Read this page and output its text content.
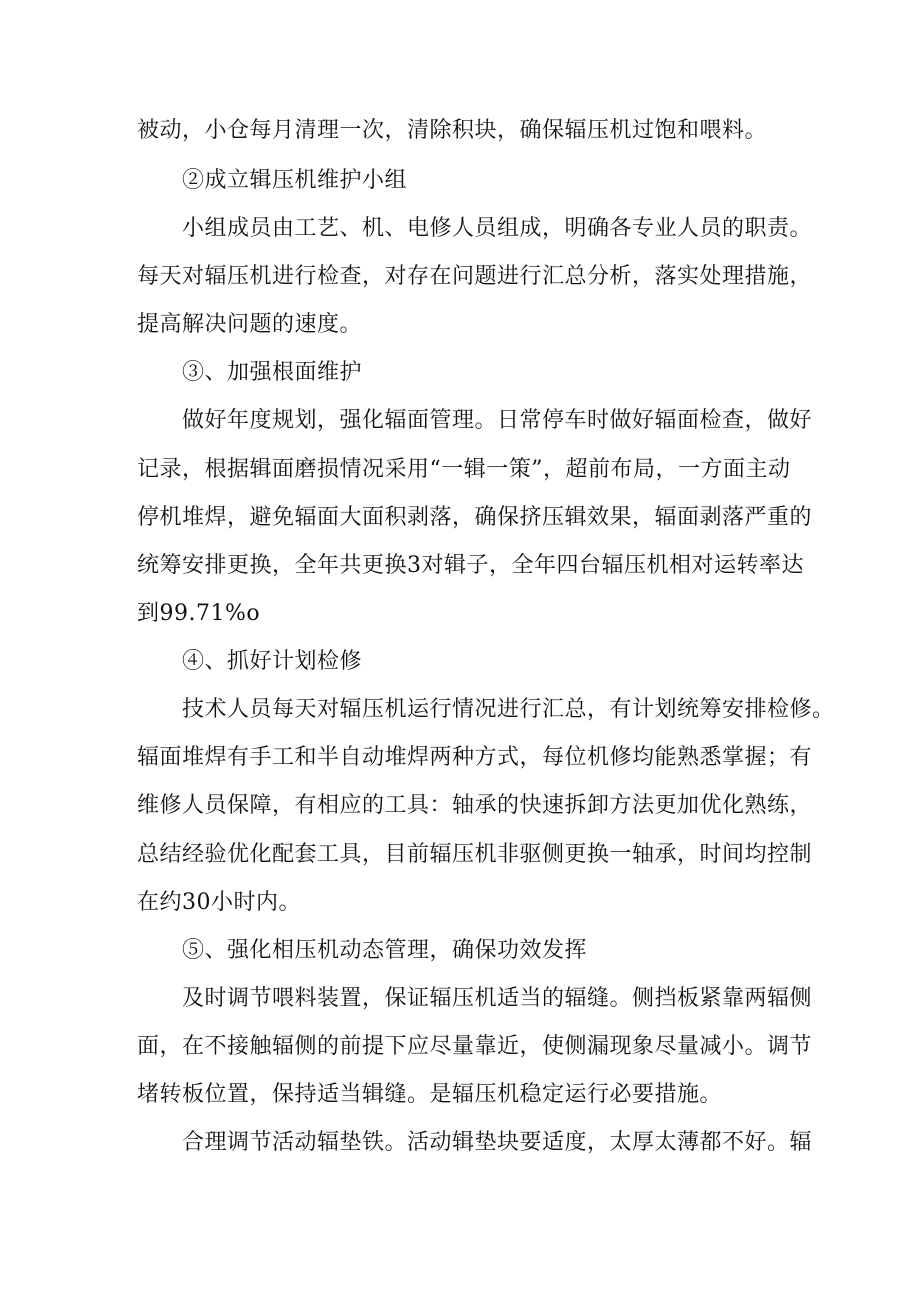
被动，小仓每月清理一次，清除积块，确保辐压机过饱和喂料。
②成立辑压机维护小组
小组成员由工艺、机、电修人员组成，明确各专业人员的职责。
每天对辐压机进行检查，对存在问题进行汇总分析，落实处理措施，
提高解决问题的速度。
③、加强根面维护
做好年度规划，强化辐面管理。日常停车时做好辐面检查，做好
记录，根据辑面磨损情况采用“一辑一策”，超前布局，一方面主动
停机堆焊，避免辐面大面积剥落，确保挤压辑效果，辐面剥落严重的
统筹安排更换，全年共更换3对辑子，全年四台辐压机相对运转率达
到99.71%o
④、抓好计划检修
技术人员每天对辐压机运行情况进行汇总，有计划统筹安排检修。
辐面堆焊有手工和半自动堆焊两种方式，每位机修均能熟悉掌握；有
维修人员保障，有相应的工具：轴承的快速拆卸方法更加优化熟练，
总结经验优化配套工具，目前辐压机非驱侧更换一轴承，时间均控制
在约30小时内。
⑤、强化相压机动态管理，确保功效发挥
及时调节喂料装置，保证辐压机适当的辐缝。侧挡板紧靠两辐侧
面，在不接触辐侧的前提下应尽量靠近，使侧漏现象尽量减小。调节
堵转板位置，保持适当辑缝。是辐压机稳定运行必要措施。
合理调节活动辐垫铁。活动辑垫块要适度，太厚太薄都不好。辐
